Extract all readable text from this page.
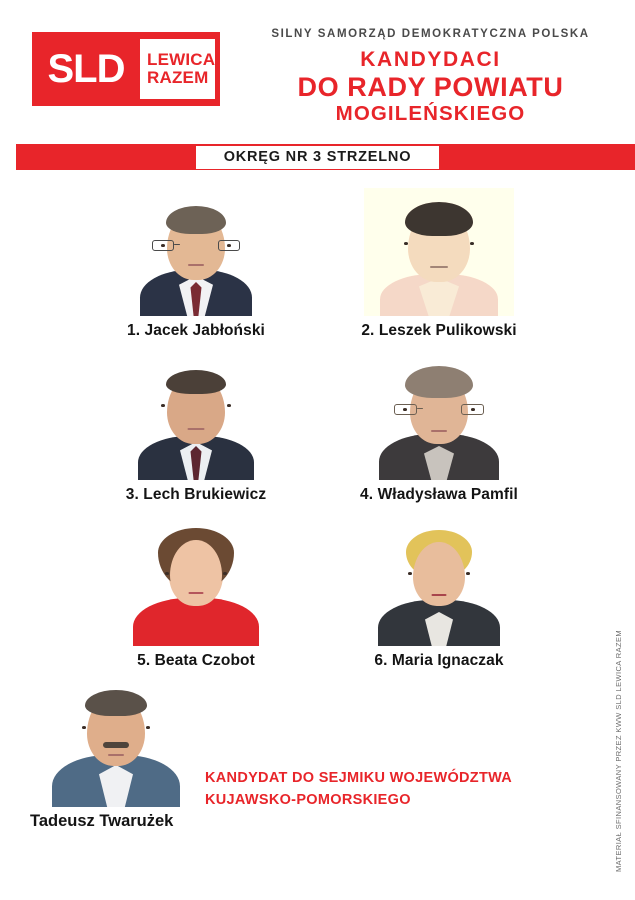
SLD	LEWICA
RAZEM
SILNY SAMORZĄD DEMOKRATYCZNA POLSKA
KANDYDACI
DO RADY POWIATU
MOGILEŃSKIEGO
OKRĘG NR 3 STRZELNO
1. Jacek Jabłoński	2. Leszek Pulikowski
3. Lech Brukiewicz	4. Władysława Pamfil
5. Beata Czobot	6. Maria Ignaczak
Tadeusz Twarużek
KANDYDAT DO SEJMIKU WOJEWÓDZTWA
KUJAWSKO-POMORSKIEGO	MATERIAŁ SFINANSOWANY PRZEZ KWW SLD LEWICA RAZEM
